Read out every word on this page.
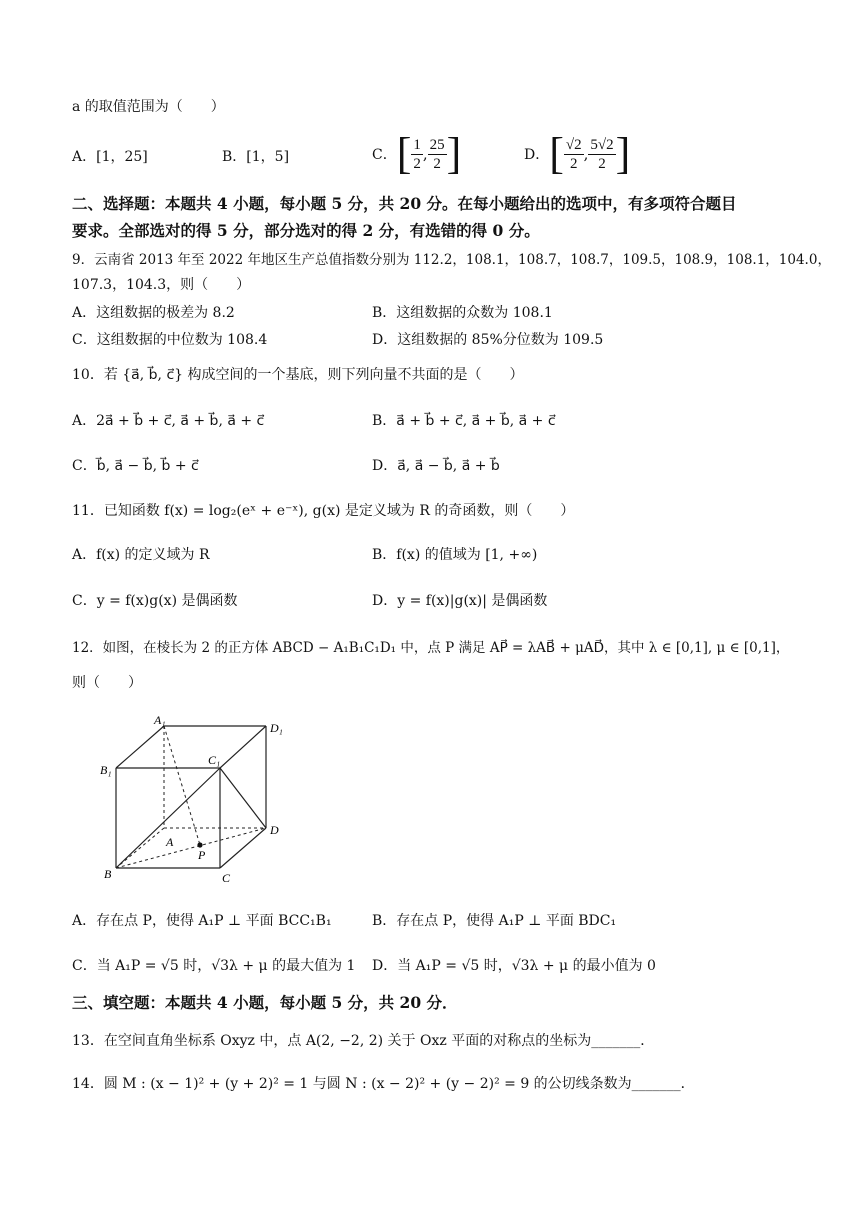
a 的取值范围为（　　）
A．[1，25]	B．[1，5]	C． [ $\frac{1}{2}$ , $\frac{25}{2}$ ]	D． [ $\frac{√2}{2}$ , $\frac{5√2}{2}$ ]
二、选择题：本题共 4 小题，每小题 5 分，共 20 分。在每小题给出的选项中，有多项符合题目
要求。全部选对的得 5 分，部分选对的得 2 分，有选错的得 0 分。
9．云南省 2013 年至 2022 年地区生产总值指数分别为 112.2，108.1，108.7，108.7，109.5，108.9，108.1，104.0，
107.3，104.3，则（　　）
A．这组数据的极差为 8.2	B．这组数据的众数为 108.1
C．这组数据的中位数为 108.4	D．这组数据的 85%分位数为 109.5
10．若 {a⃗, b⃗, c⃗} 构成空间的一个基底，则下列向量不共面的是（　　）
A．2a⃗ + b⃗ + c⃗, a⃗ + b⃗, a⃗ + c⃗	B．a⃗ + b⃗ + c⃗, a⃗ + b⃗, a⃗ + c⃗
C．b⃗, a⃗ − b⃗, b⃗ + c⃗	D．a⃗, a⃗ − b⃗, a⃗ + b⃗
11．已知函数 f(x) = log₂(eˣ + e⁻ˣ), g(x) 是定义域为 R 的奇函数，则（　　）
A．f(x) 的定义域为 R	B．f(x) 的值域为 [1, +∞)
C．y = f(x)g(x) 是偶函数	D．y = f(x)|g(x)| 是偶函数
12．如图，在棱长为 2 的正方体 ABCD − A₁B₁C₁D₁ 中，点 P 满足 AP⃗ = λAB⃗ + μAD⃗，其中 λ ∈ [0,1], μ ∈ [0,1]，
则（　　）
A₁
D₁
B₁
C₁
A
D
B	C
P
A．存在点 P，使得 A₁P ⊥ 平面 BCC₁B₁	B．存在点 P，使得 A₁P ⊥ 平面 BDC₁
C．当 A₁P = √5 时，√3λ + μ 的最大值为 1 D．当 A₁P = √5 时，√3λ + μ 的最小值为 0
三、填空题：本题共 4 小题，每小题 5 分，共 20 分．
13．在空间直角坐标系 Oxyz 中，点 A(2, −2, 2) 关于 Oxz 平面的对称点的坐标为_______．
14．圆 M : (x − 1)² + (y + 2)² = 1 与圆 N : (x − 2)² + (y − 2)² = 9 的公切线条数为_______．
